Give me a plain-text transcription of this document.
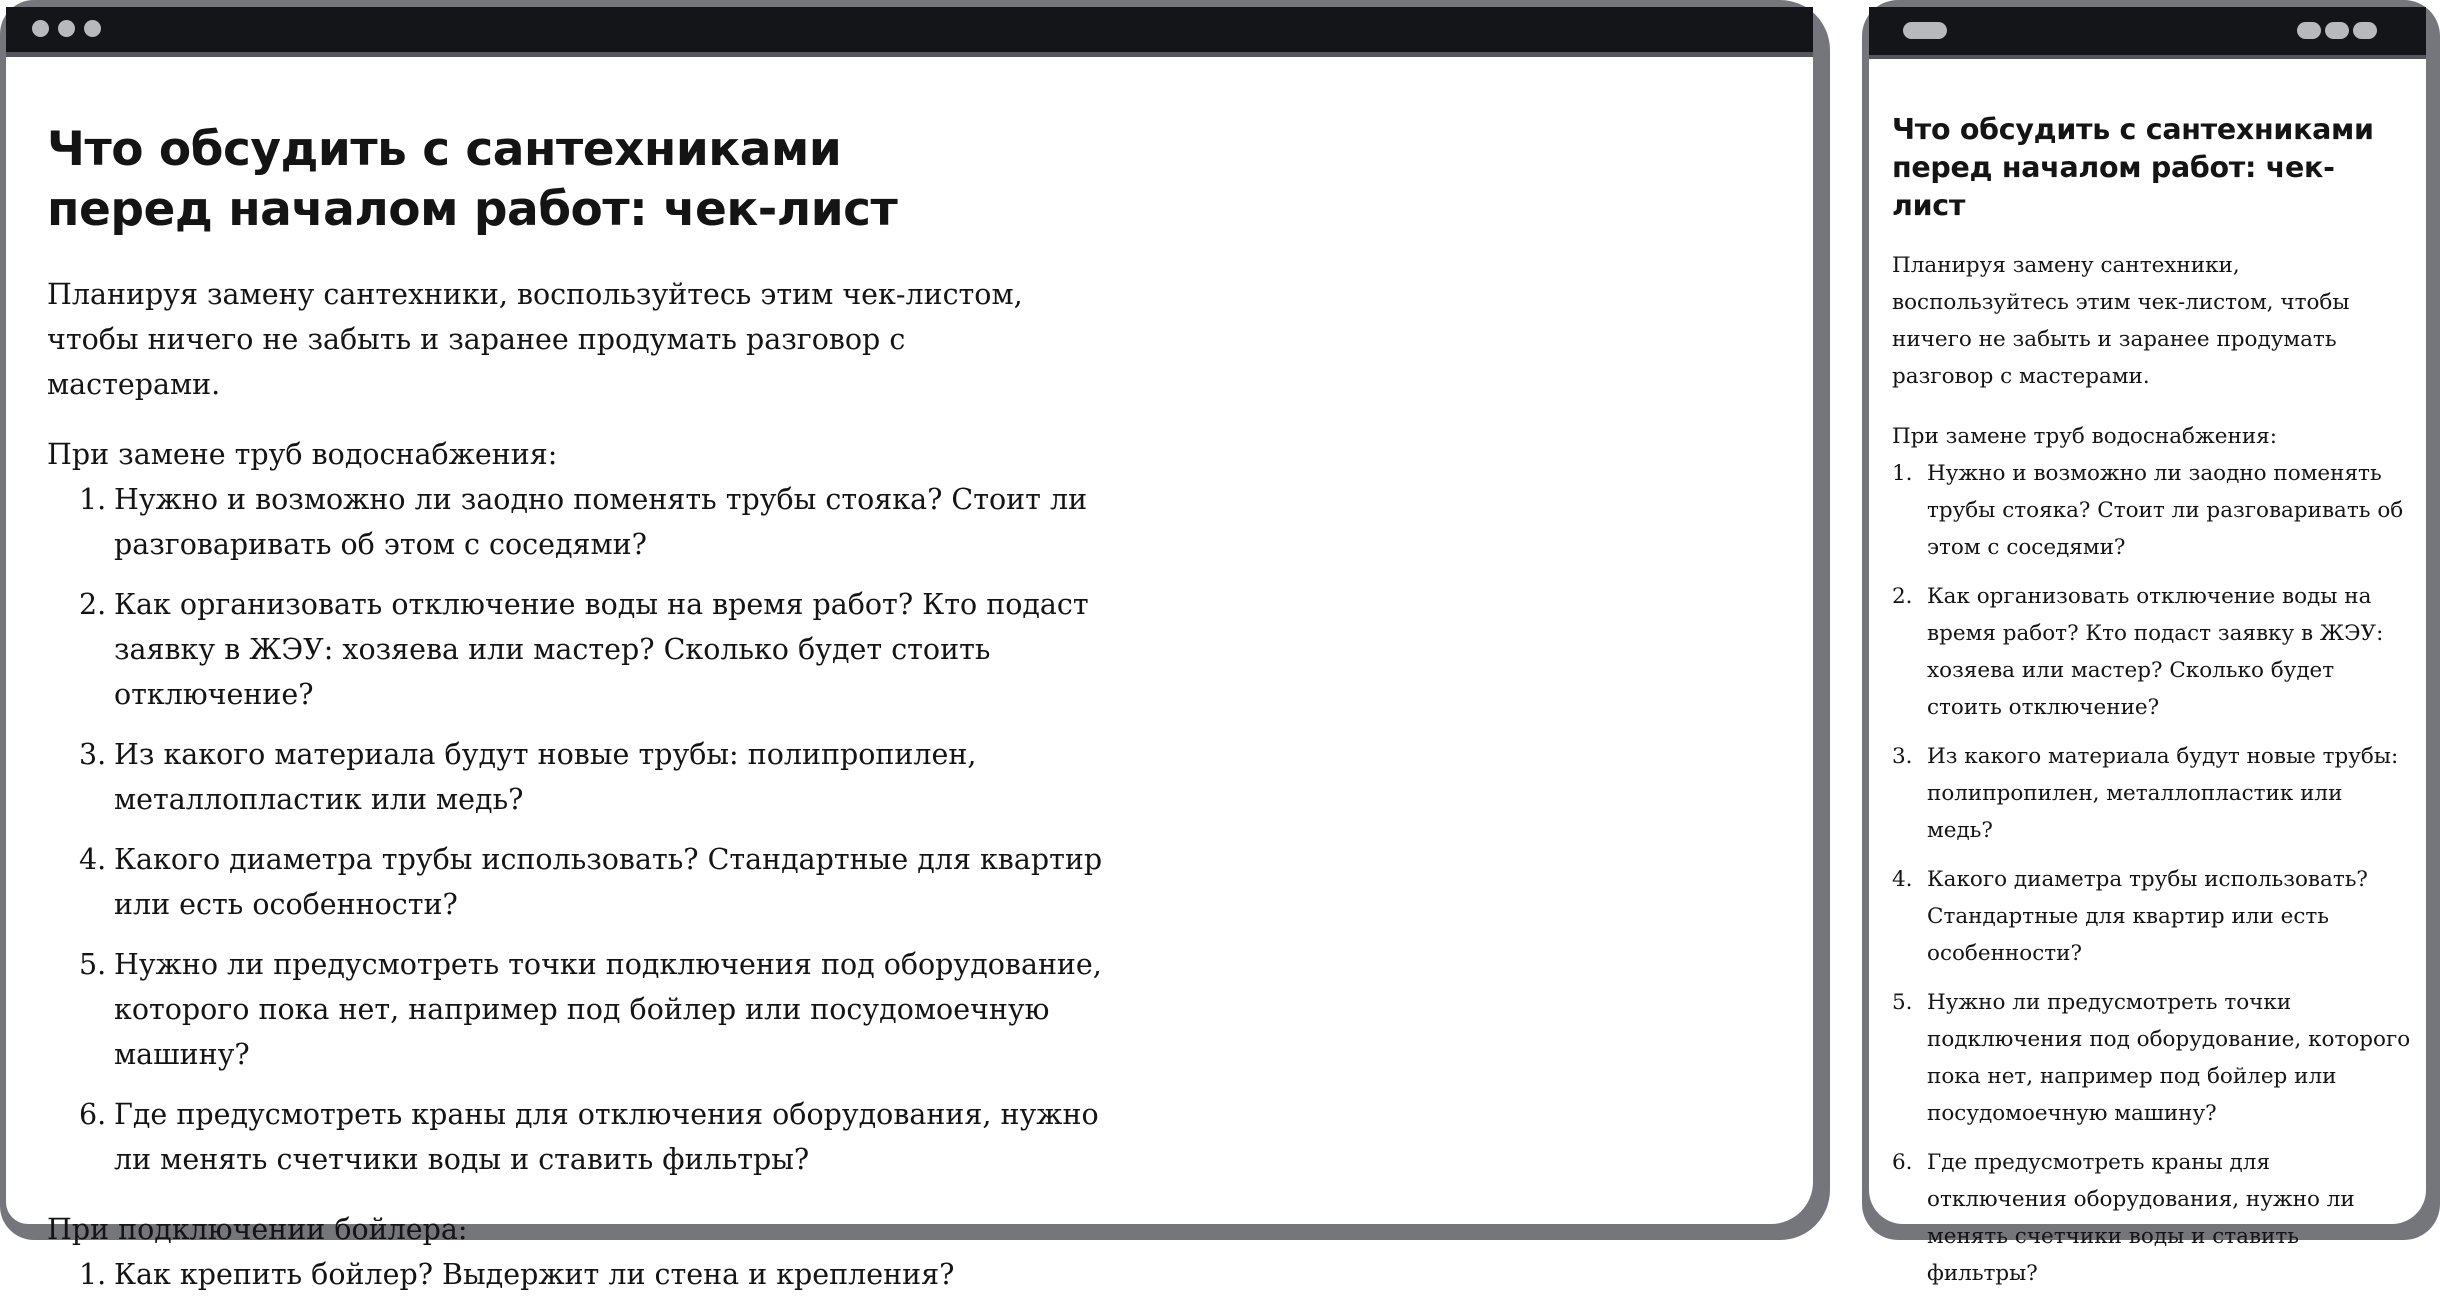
Что обсудить с сантехниками перед началом работ: чек-лист

Планируя замену сантехники, воспользуйтесь этим чек-листом, чтобы ничего не забыть и заранее продумать разговор с мастерами.

При замене труб водоснабжения:

1. Нужно и возможно ли заодно поменять трубы стояка? Стоит ли разговаривать об этом с соседями?
2. Как организовать отключение воды на время работ? Кто подаст заявку в ЖЭУ: хозяева или мастер? Сколько будет стоить отключение?
3. Из какого материала будут новые трубы: полипропилен, металлопластик или медь?
4. Какого диаметра трубы использовать? Стандартные для квартир или есть особенности?
5. Нужно ли предусмотреть точки подключения под оборудование, которого пока нет, например под бойлер или посудомоечную машину?
6. Где предусмотреть краны для отключения оборудования, нужно ли менять счетчики воды и ставить фильтры?

При подключении бойлера:

1. Как крепить бойлер? Выдержит ли стена и крепления?
Что обсудить с сантехниками перед началом работ: чек-лист

Планируя замену сантехники, воспользуйтесь этим чек-листом, чтобы ничего не забыть и заранее продумать разговор с мастерами.

При замене труб водоснабжения:

1. Нужно и возможно ли заодно поменять трубы стояка? Стоит ли разговаривать об этом с соседями?
2. Как организовать отключение воды на время работ? Кто подаст заявку в ЖЭУ: хозяева или мастер? Сколько будет стоить отключение?
3. Из какого материала будут новые трубы: полипропилен, металлопластик или медь?
4. Какого диаметра трубы использовать? Стандартные для квартир или есть особенности?
5. Нужно ли предусмотреть точки подключения под оборудование, которого пока нет, например под бойлер или посудомоечную машину?
6. Где предусмотреть краны для отключения оборудования, нужно ли менять счетчики воды и ставить фильтры?
